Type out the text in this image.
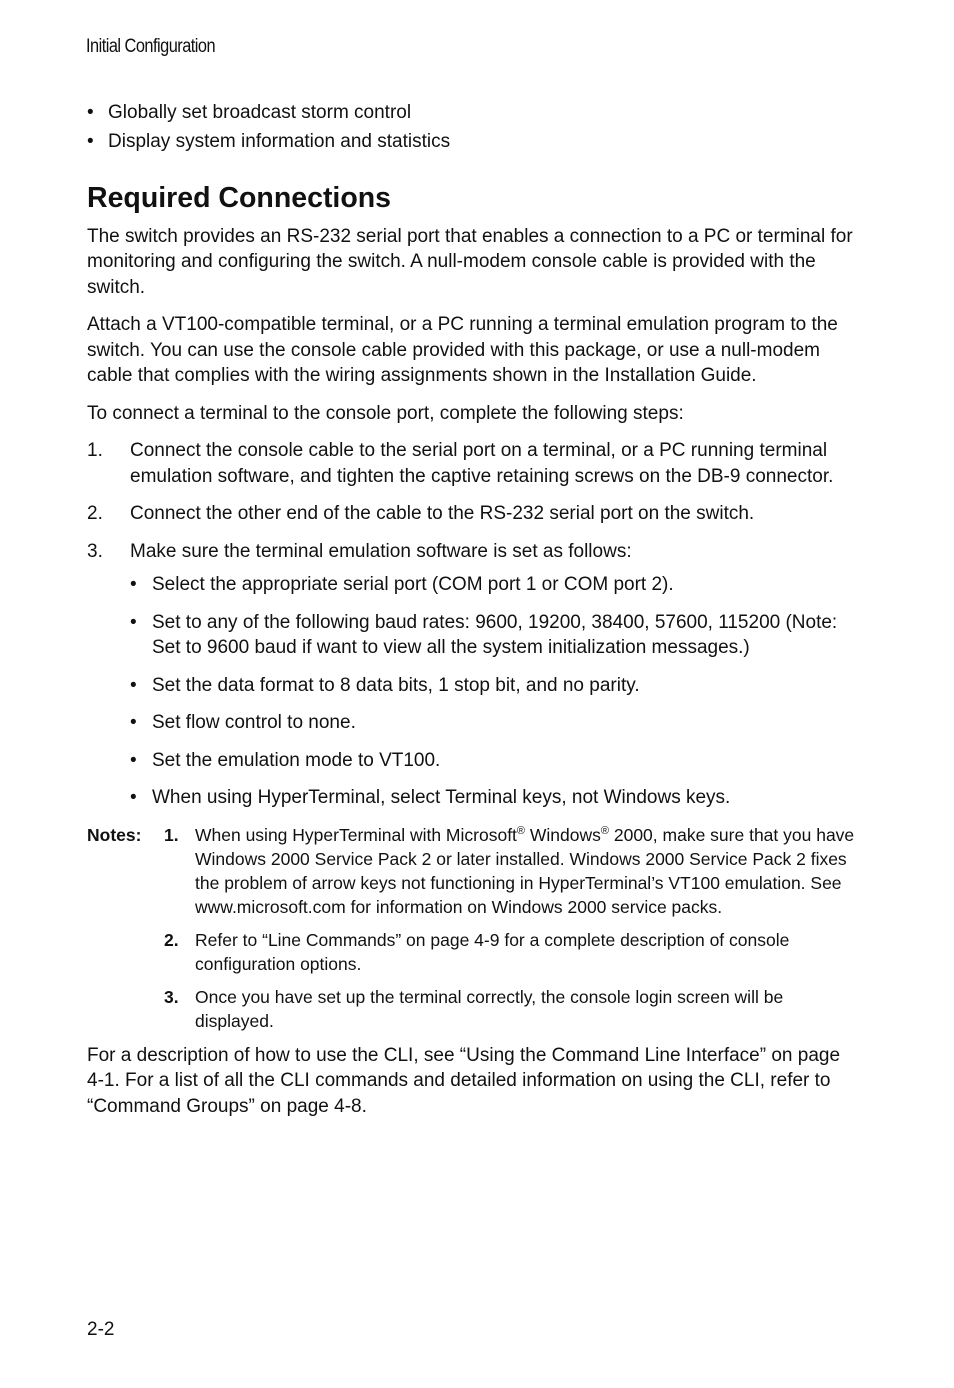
Initial Configuration
• Globally set broadcast storm control
• Display system information and statistics
Required Connections

The switch provides an RS-232 serial port that enables a connection to a PC or terminal for monitoring and configuring the switch. A null-modem console cable is provided with the switch.

Attach a VT100-compatible terminal, or a PC running a terminal emulation program to the switch. You can use the console cable provided with this package, or use a null-modem cable that complies with the wiring assignments shown in the Installation Guide.

To connect a terminal to the console port, complete the following steps:

1. Connect the console cable to the serial port on a terminal, or a PC running terminal emulation software, and tighten the captive retaining screws on the DB-9 connector.
2. Connect the other end of the cable to the RS-232 serial port on the switch.
3. Make sure the terminal emulation software is set as follows:
• Select the appropriate serial port (COM port 1 or COM port 2).
• Set to any of the following baud rates: 9600, 19200, 38400, 57600, 115200 (Note: Set to 9600 baud if want to view all the system initialization messages.)
• Set the data format to 8 data bits, 1 stop bit, and no parity.
• Set flow control to none.
• Set the emulation mode to VT100.
• When using HyperTerminal, select Terminal keys, not Windows keys.
Notes: 1. When using HyperTerminal with Microsoft® Windows® 2000, make sure that you have Windows 2000 Service Pack 2 or later installed. Windows 2000 Service Pack 2 fixes the problem of arrow keys not functioning in HyperTerminal’s VT100 emulation. See www.microsoft.com for information on Windows 2000 service packs.
2. Refer to “Line Commands” on page 4-9 for a complete description of console configuration options.
3. Once you have set up the terminal correctly, the console login screen will be displayed.

For a description of how to use the CLI, see “Using the Command Line Interface” on page 4-1. For a list of all the CLI commands and detailed information on using the CLI, refer to “Command Groups” on page 4-8.

2-2
